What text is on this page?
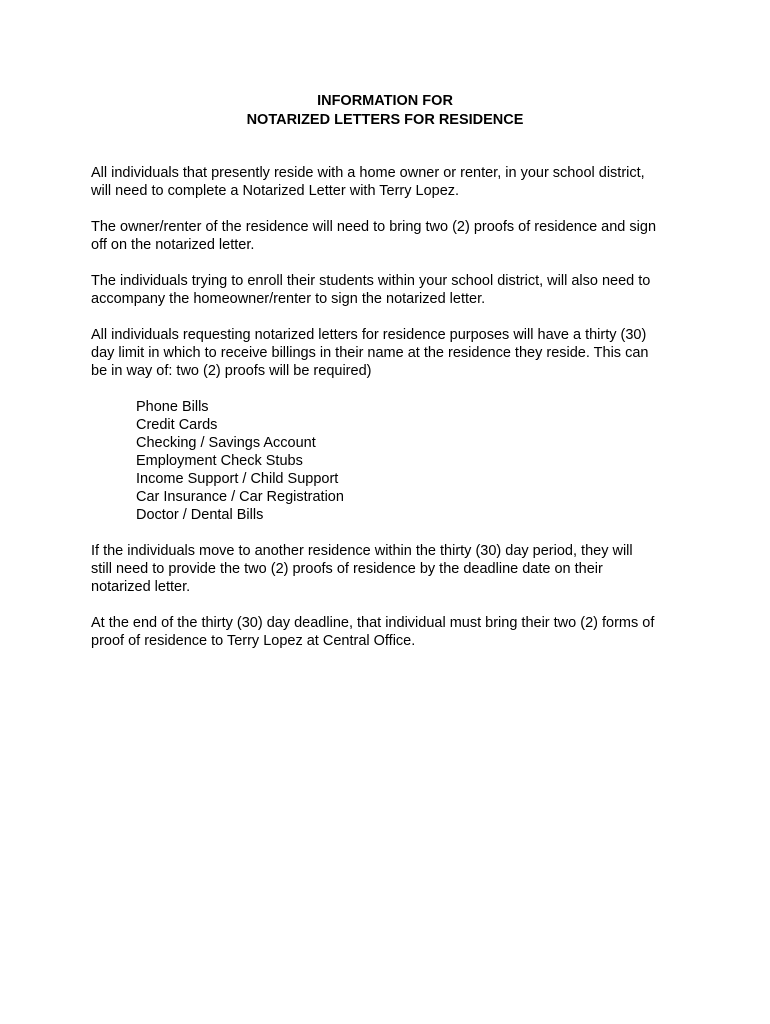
INFORMATION FOR
NOTARIZED LETTERS FOR RESIDENCE
All individuals that presently reside with a home owner or renter, in your school district,
will need to complete a Notarized Letter with Terry Lopez.
The owner/renter of the residence will need to bring two (2) proofs of residence and sign
off on the notarized letter.
The individuals trying to enroll their students within your school district, will also need to
accompany the homeowner/renter to sign the notarized letter.
All individuals requesting notarized letters for residence purposes will have a thirty (30)
day limit in which to receive billings in their name at the residence they reside. This can
be in way of: two (2) proofs will be required)
Phone Bills
Credit Cards
Checking / Savings Account
Employment Check Stubs
Income Support / Child Support
Car Insurance / Car Registration
Doctor / Dental Bills
If the individuals move to another residence within the thirty (30) day period, they will
still need to provide the two (2) proofs of residence by the deadline date on their
notarized letter.
At the end of the thirty (30) day deadline, that individual must bring their two (2) forms of
proof of residence to Terry Lopez at Central Office.
